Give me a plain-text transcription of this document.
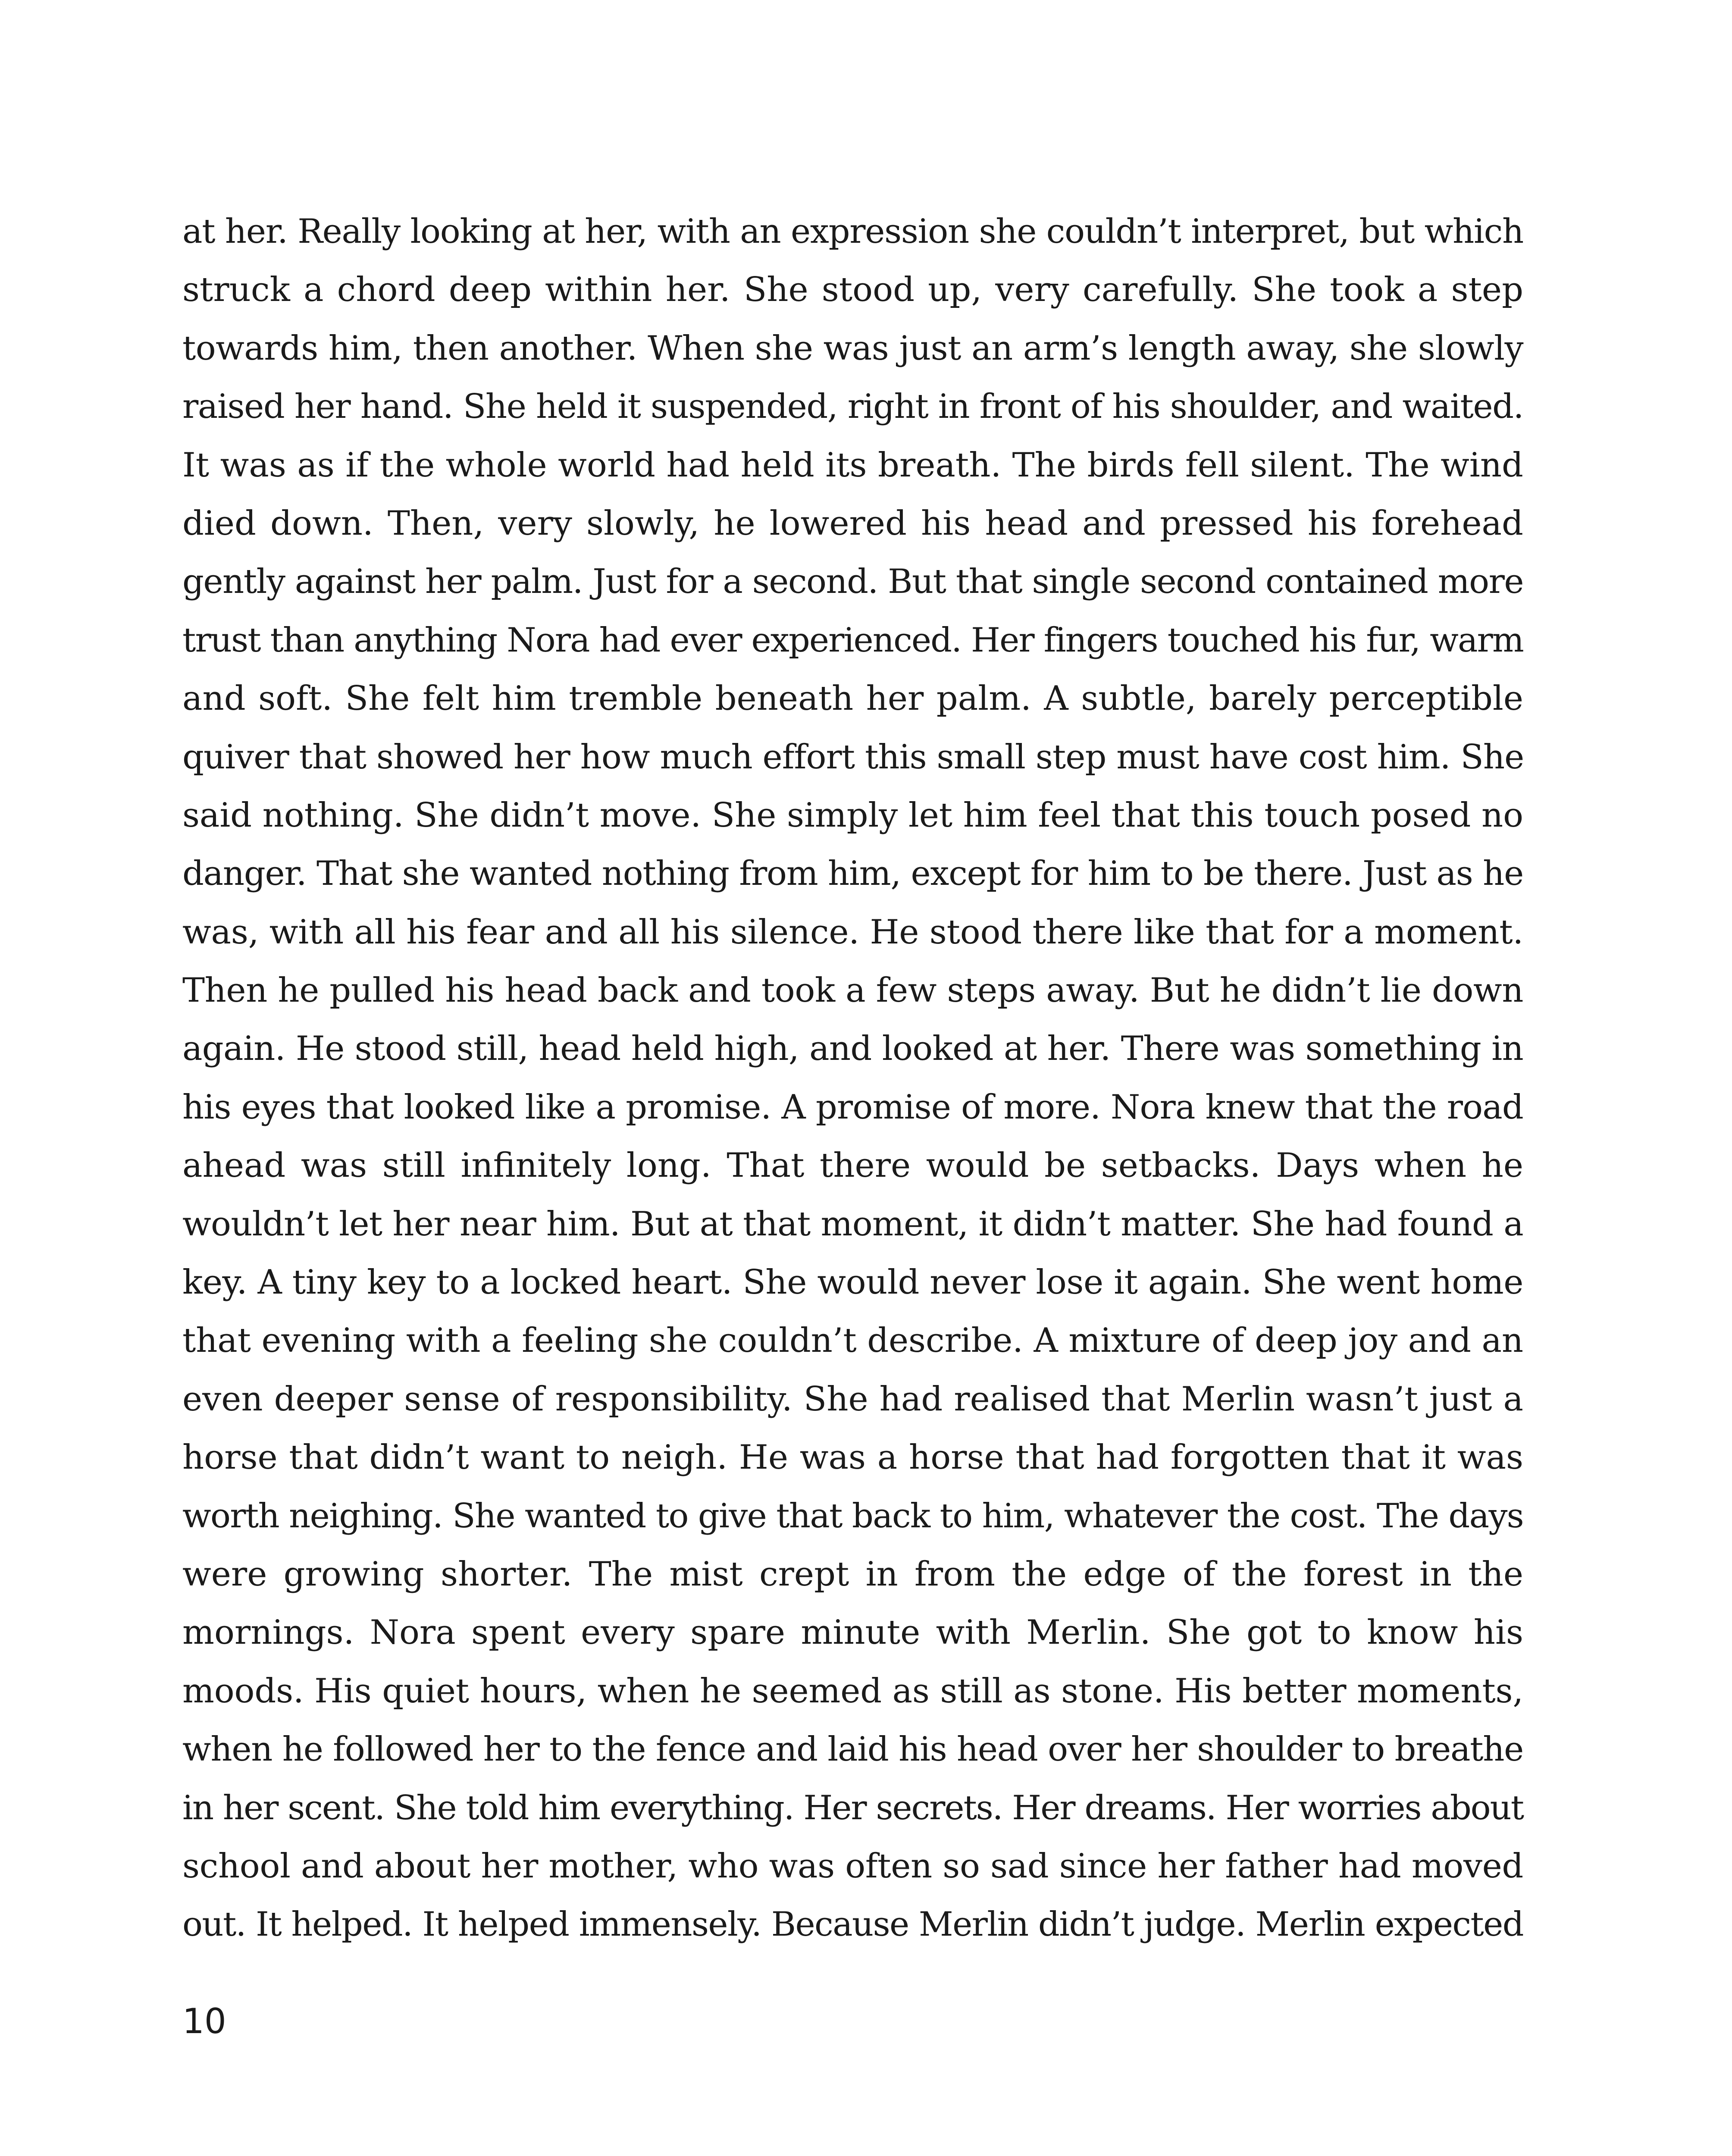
at her. Really looking at her, with an expression she couldn’t interpret, but which
struck a chord deep within her. She stood up, very carefully. She took a step
towards him, then another. When she was just an arm’s length away, she slowly
raised her hand. She held it suspended, right in front of his shoulder, and waited.
It was as if the whole world had held its breath. The birds fell silent. The wind
died down. Then, very slowly, he lowered his head and pressed his forehead
gently against her palm. Just for a second. But that single second contained more
trust than anything Nora had ever experienced. Her fingers touched his fur, warm
and soft. She felt him tremble beneath her palm. A subtle, barely perceptible
quiver that showed her how much effort this small step must have cost him. She
said nothing. She didn’t move. She simply let him feel that this touch posed no
danger. That she wanted nothing from him, except for him to be there. Just as he
was, with all his fear and all his silence. He stood there like that for a moment.
Then he pulled his head back and took a few steps away. But he didn’t lie down
again. He stood still, head held high, and looked at her. There was something in
his eyes that looked like a promise. A promise of more. Nora knew that the road
ahead was still infinitely long. That there would be setbacks. Days when he
wouldn’t let her near him. But at that moment, it didn’t matter. She had found a
key. A tiny key to a locked heart. She would never lose it again. She went home
that evening with a feeling she couldn’t describe. A mixture of deep joy and an
even deeper sense of responsibility. She had realised that Merlin wasn’t just a
horse that didn’t want to neigh. He was a horse that had forgotten that it was
worth neighing. She wanted to give that back to him, whatever the cost. The days
were growing shorter. The mist crept in from the edge of the forest in the
mornings. Nora spent every spare minute with Merlin. She got to know his
moods. His quiet hours, when he seemed as still as stone. His better moments,
when he followed her to the fence and laid his head over her shoulder to breathe
in her scent. She told him everything. Her secrets. Her dreams. Her worries about
school and about her mother, who was often so sad since her father had moved
out. It helped. It helped immensely. Because Merlin didn’t judge. Merlin expected
10
